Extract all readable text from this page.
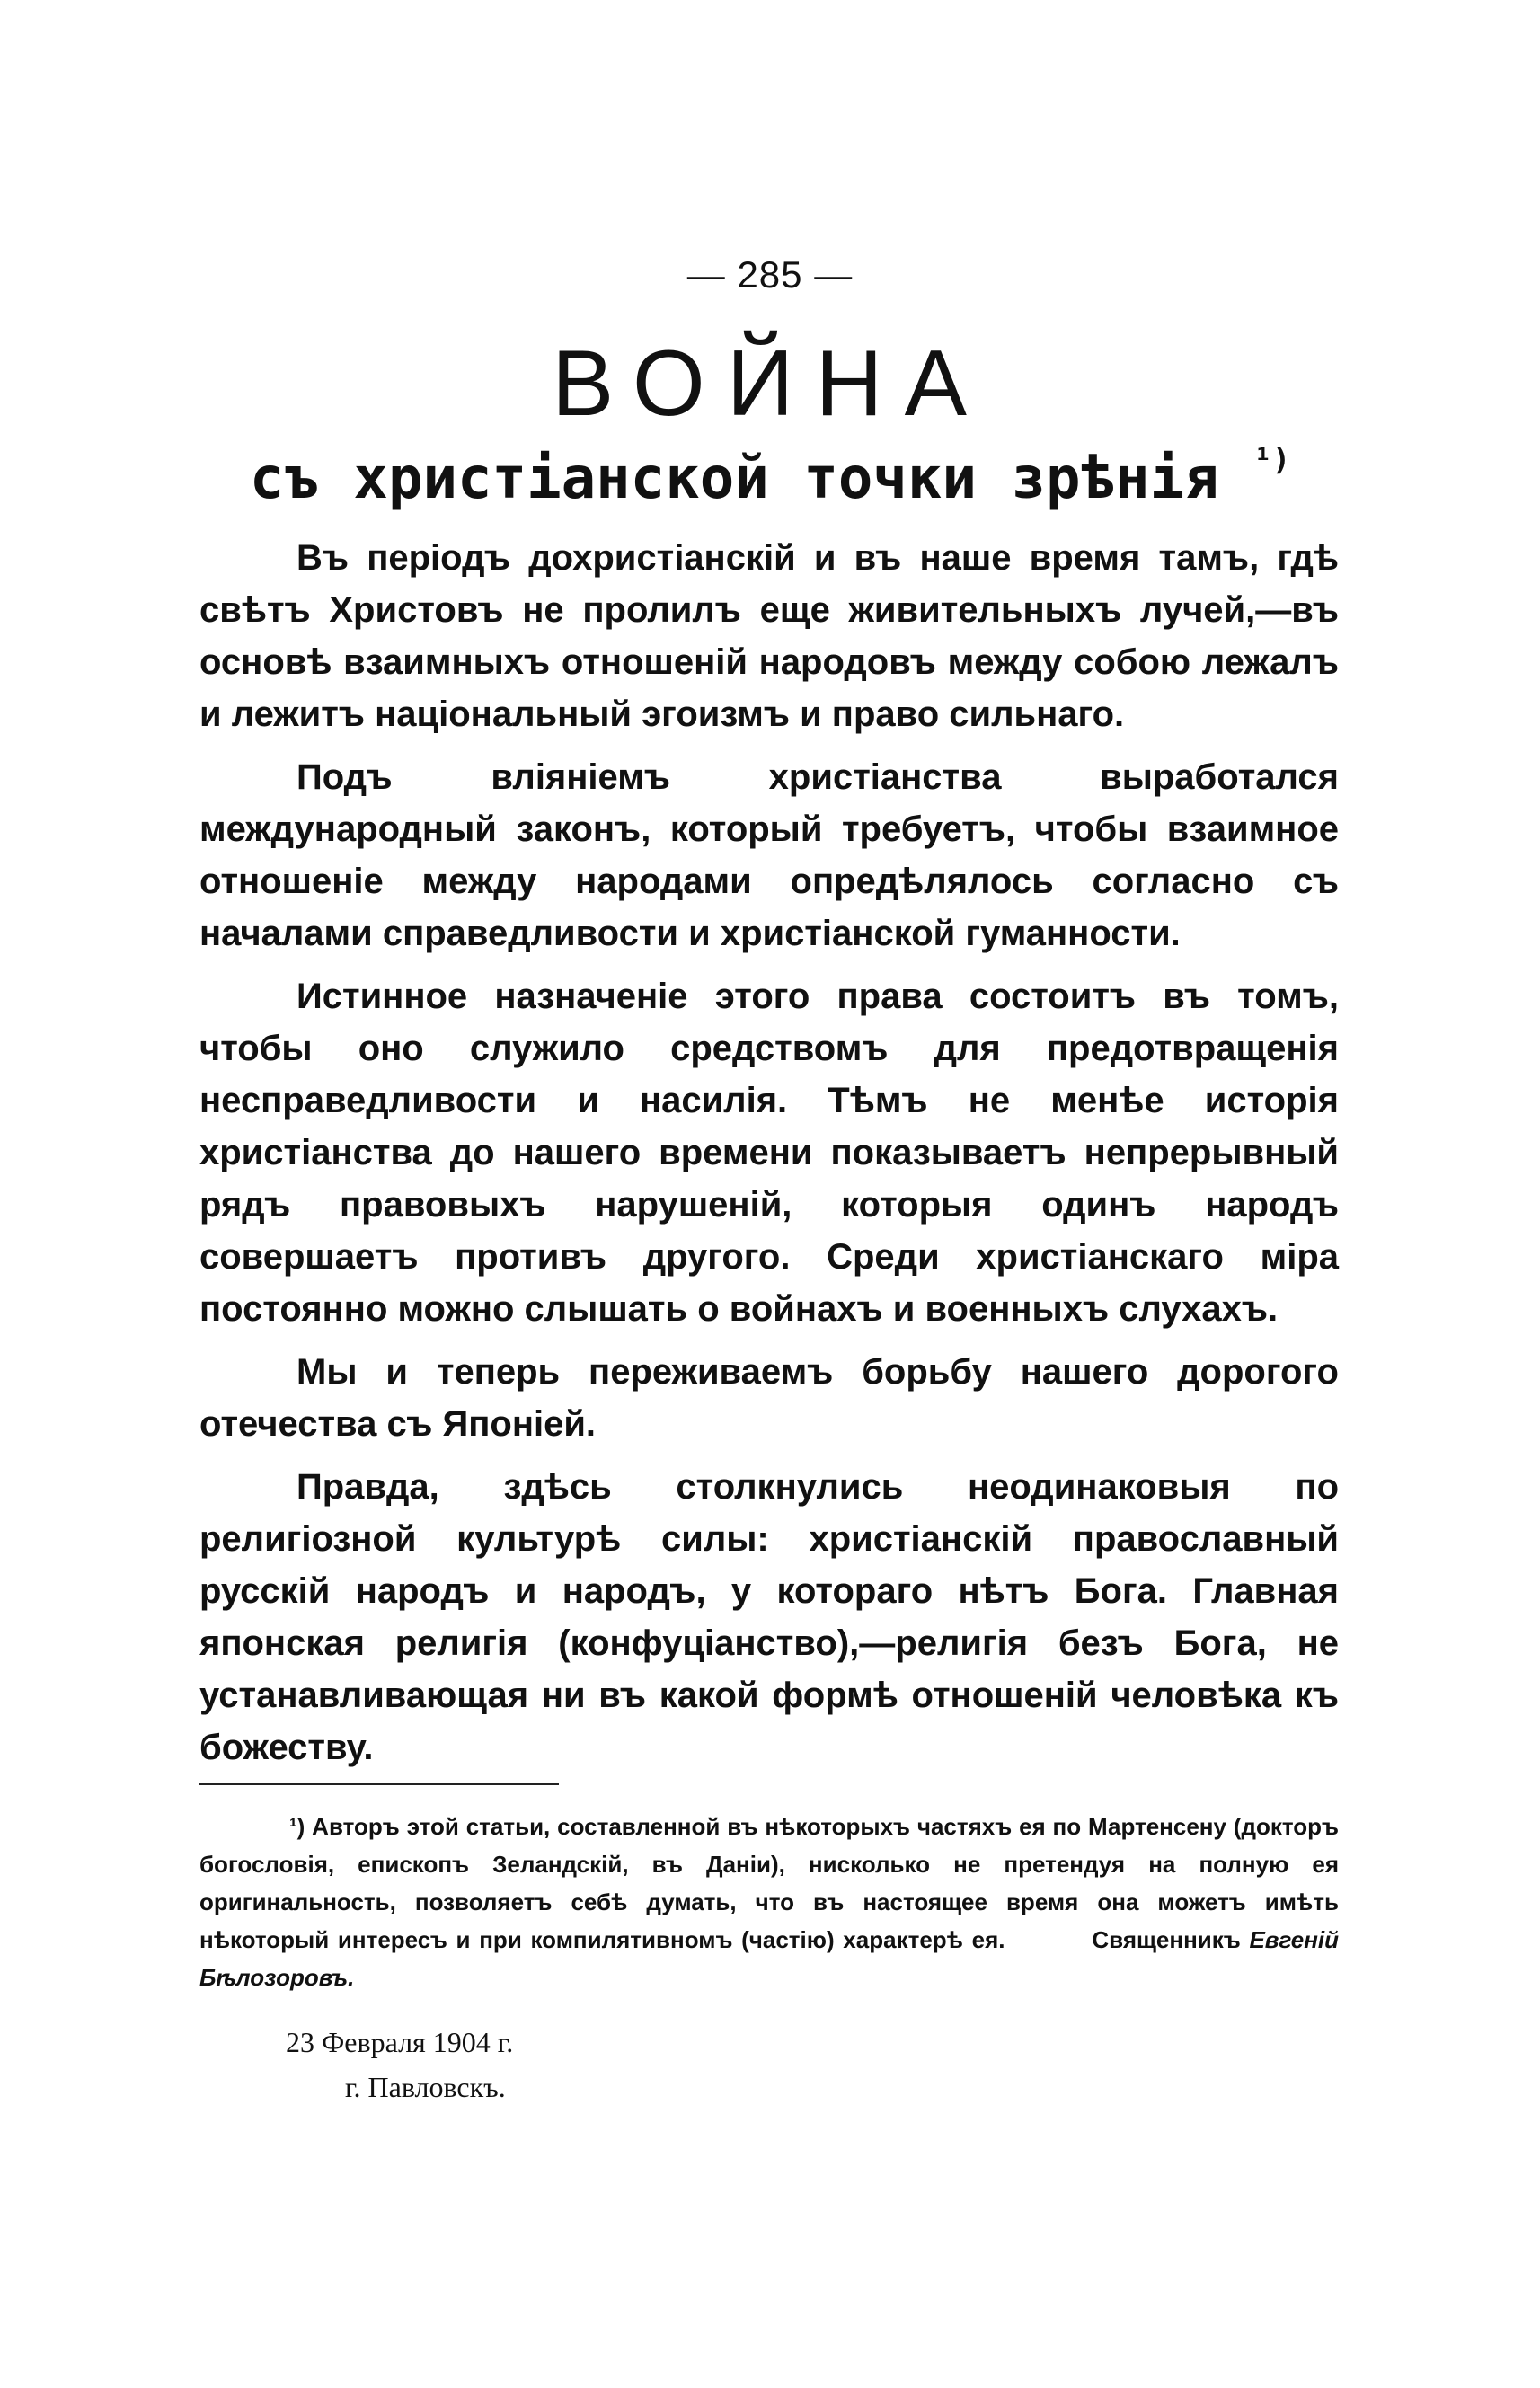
— 285 —
ВОЙНА
съ христіанской точки зрѣнія $^{^1)}$

Въ періодъ дохристіанскій и въ наше время тамъ, гдѣ свѣтъ Христовъ не пролилъ еще живительныхъ лучей,—въ основѣ взаимныхъ отношеній народовъ между собою лежалъ и лежитъ національный эгоизмъ и право сильнаго.

Подъ вліяніемъ христіанства выработался международный законъ, который требуетъ, чтобы взаимное отношеніе между народами опредѣлялось согласно съ началами справедливости и христіанской гуманности.

Истинное назначеніе этого права состоитъ въ томъ, чтобы оно служило средствомъ для предотвращенія несправедливости и насилія. Тѣмъ не менѣе исторія христіанства до нашего времени показываетъ непрерывный рядъ правовыхъ нарушеній, которыя одинъ народъ совершаетъ противъ другого. Среди христіанскаго міра постоянно можно слышать о войнахъ и военныхъ слухахъ.

Мы и теперь переживаемъ борьбу нашего дорогого отечества съ Японіей.

Правда, здѣсь столкнулись неодинаковыя по религіозной культурѣ силы: христіанскій православный русскій народъ и народъ, у котораго нѣтъ Бога. Главная японская религія (конфуціанство),—религія безъ Бога, не устанавливающая ни въ какой формѣ отношеній человѣка къ божеству.

¹) Авторъ этой статьи, составленной въ нѣкоторыхъ частяхъ ея по Мартенсену (докторъ богословія, епископъ Зеландскій, въ Даніи), нисколько не претендуя на полную ея оригинальность, позволяетъ себѣ думать, что въ настоящее время она можетъ имѣть нѣкоторый интересъ и при компилятивномъ (частію) характерѣ ея.	Священникъ Евгеній Бѣлозоровъ.

23 Февраля 1904 г.
г. Павловскъ.
